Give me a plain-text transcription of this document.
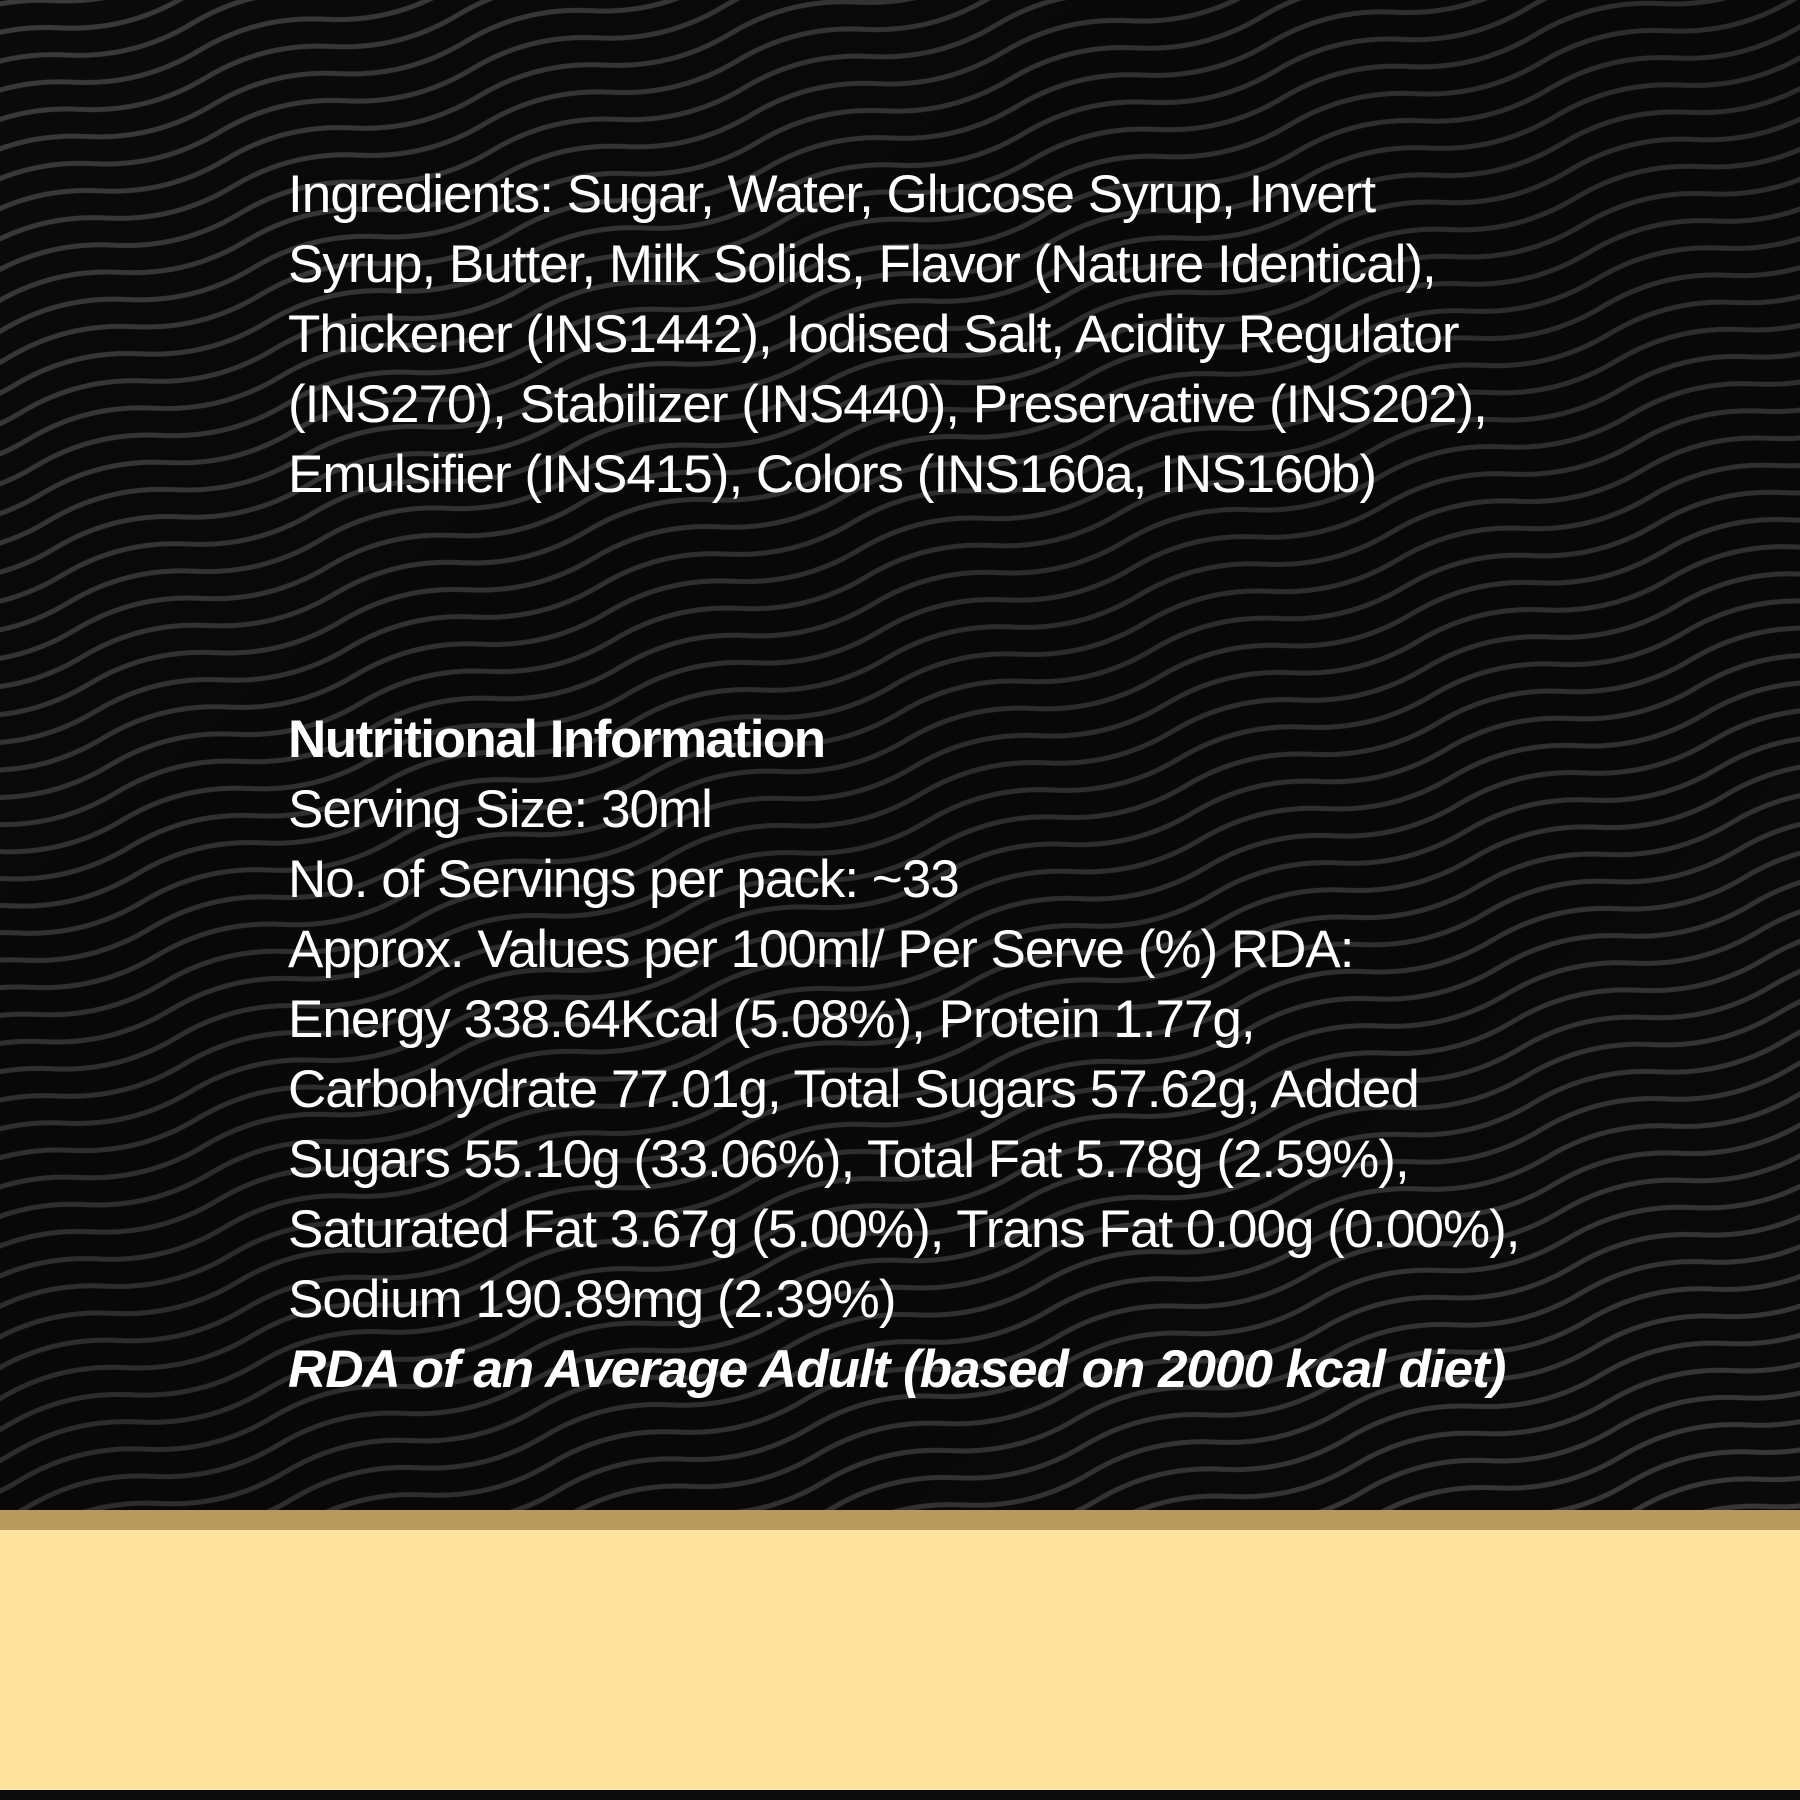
Ingredients: Sugar, Water, Glucose Syrup, Invert Syrup, Butter, Milk Solids, Flavor (Nature Identical), Thickener (INS1442), Iodised Salt, Acidity Regulator (INS270), Stabilizer (INS440), Preservative (INS202), Emulsifier (INS415), Colors (INS160a, INS160b)

Nutritional Information
Serving Size: 30ml
No. of Servings per pack: ~33
Approx. Values per 100ml/ Per Serve (%) RDA:
Energy 338.64Kcal (5.08%), Protein 1.77g, Carbohydrate 77.01g, Total Sugars 57.62g, Added Sugars 55.10g (33.06%), Total Fat 5.78g (2.59%), Saturated Fat 3.67g (5.00%), Trans Fat 0.00g (0.00%), Sodium 190.89mg (2.39%)
RDA of an Average Adult (based on 2000 kcal diet)
